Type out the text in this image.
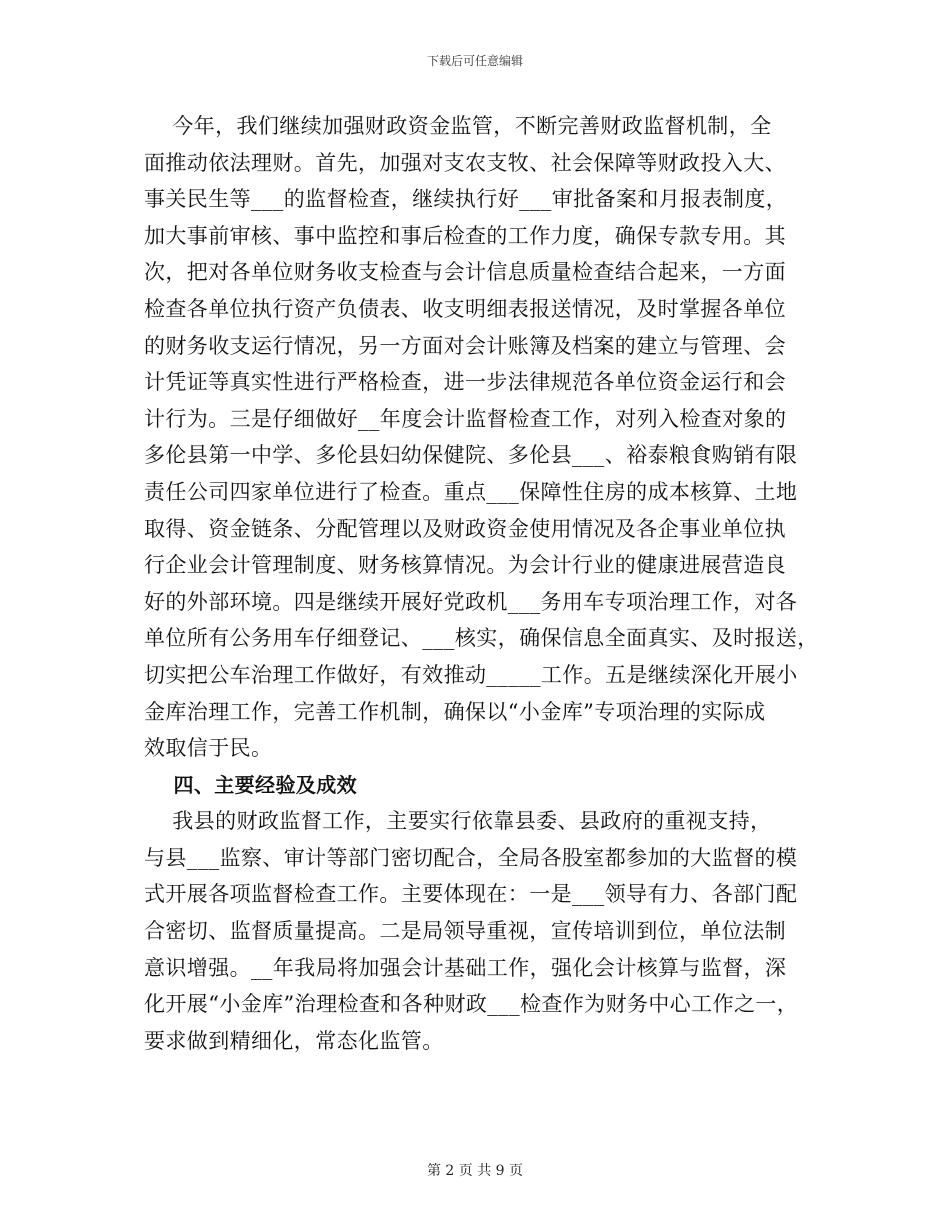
下载后可任意编辑
今年，我们继续加强财政资金监管，不断完善财政监督机制，全
面推动依法理财。首先，加强对支农支牧、社会保障等财政投入大、
事关民生等___的监督检查，继续执行好___审批备案和月报表制度，
加大事前审核、事中监控和事后检查的工作力度，确保专款专用。其
次，把对各单位财务收支检查与会计信息质量检查结合起来，一方面
检查各单位执行资产负债表、收支明细表报送情况，及时掌握各单位
的财务收支运行情况，另一方面对会计账簿及档案的建立与管理、会
计凭证等真实性进行严格检查，进一步法律规范各单位资金运行和会
计行为。三是仔细做好__年度会计监督检查工作，对列入检查对象的
多伦县第一中学、多伦县妇幼保健院、多伦县___、裕泰粮食购销有限
责任公司四家单位进行了检查。重点___保障性住房的成本核算、土地
取得、资金链条、分配管理以及财政资金使用情况及各企事业单位执
行企业会计管理制度、财务核算情况。为会计行业的健康进展营造良
好的外部环境。四是继续开展好党政机___务用车专项治理工作，对各
单位所有公务用车仔细登记、___核实，确保信息全面真实、及时报送，
切实把公车治理工作做好，有效推动_____工作。五是继续深化开展小
金库治理工作，完善工作机制，确保以“小金库”专项治理的实际成
效取信于民。
四、主要经验及成效
我县的财政监督工作，主要实行依靠县委、县政府的重视支持，
与县___监察、审计等部门密切配合，全局各股室都参加的大监督的模
式开展各项监督检查工作。主要体现在：一是___领导有力、各部门配
合密切、监督质量提高。二是局领导重视，宣传培训到位，单位法制
意识增强。__年我局将加强会计基础工作，强化会计核算与监督，深
化开展“小金库”治理检查和各种财政___检查作为财务中心工作之一，
要求做到精细化，常态化监管。
第 2 页 共 9 页
